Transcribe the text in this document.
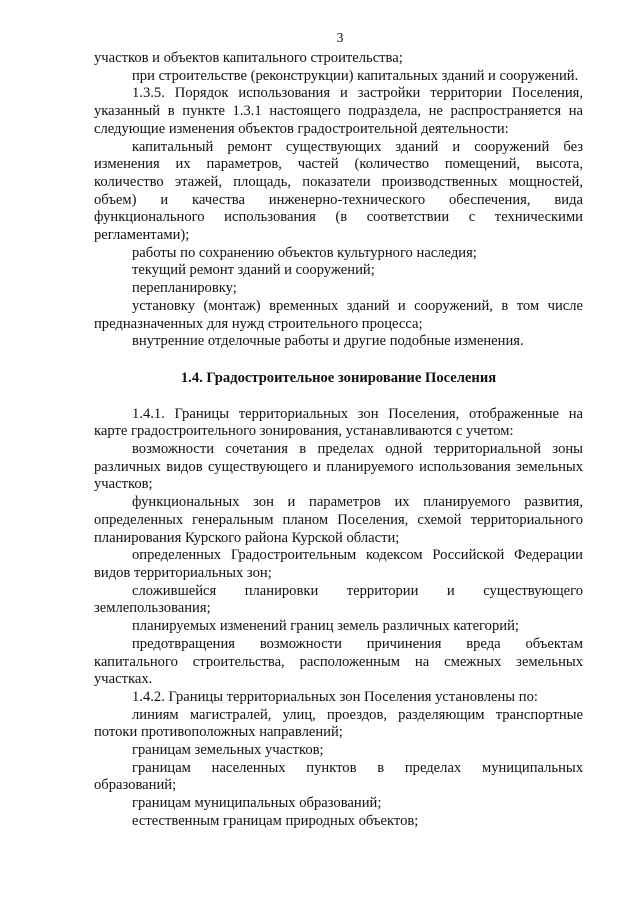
3

участков и объектов капитального строительства;

при строительстве (реконструкции) капитальных зданий и сооружений.

1.3.5. Порядок использования и застройки территории Поселения, указанный в пункте 1.3.1 настоящего подраздела, не распространяется на следующие изменения объектов градостроительной деятельности:

капитальный ремонт существующих зданий и сооружений без изменения их параметров, частей (количество помещений, высота, количество этажей, площадь, показатели производственных мощностей, объем) и качества инженерно-технического обеспечения, вида функционального использования (в соответствии с техническими регламентами);

работы по сохранению объектов культурного наследия;

текущий ремонт зданий и сооружений;

перепланировку;

установку (монтаж) временных зданий и сооружений, в том числе предназначенных для нужд строительного процесса;

внутренние отделочные работы и другие подобные изменения.

1.4. Градостроительное зонирование Поселения

1.4.1. Границы территориальных зон Поселения, отображенные на карте градостроительного зонирования, устанавливаются с учетом:

возможности сочетания в пределах одной территориальной зоны различных видов существующего и планируемого использования земельных участков;

функциональных зон и параметров их планируемого развития, определенных генеральным планом Поселения, схемой территориального планирования Курского района Курской области;

определенных Градостроительным кодексом Российской Федерации видов территориальных зон;

сложившейся планировки территории и существующего землепользования;

планируемых изменений границ земель различных категорий;

предотвращения возможности причинения вреда объектам капитального строительства, расположенным на смежных земельных участках.

1.4.2. Границы территориальных зон Поселения установлены по:

линиям магистралей, улиц, проездов, разделяющим транспортные потоки противоположных направлений;

границам земельных участков;

границам населенных пунктов в пределах муниципальных образований;

границам муниципальных образований;

естественным границам природных объектов;
